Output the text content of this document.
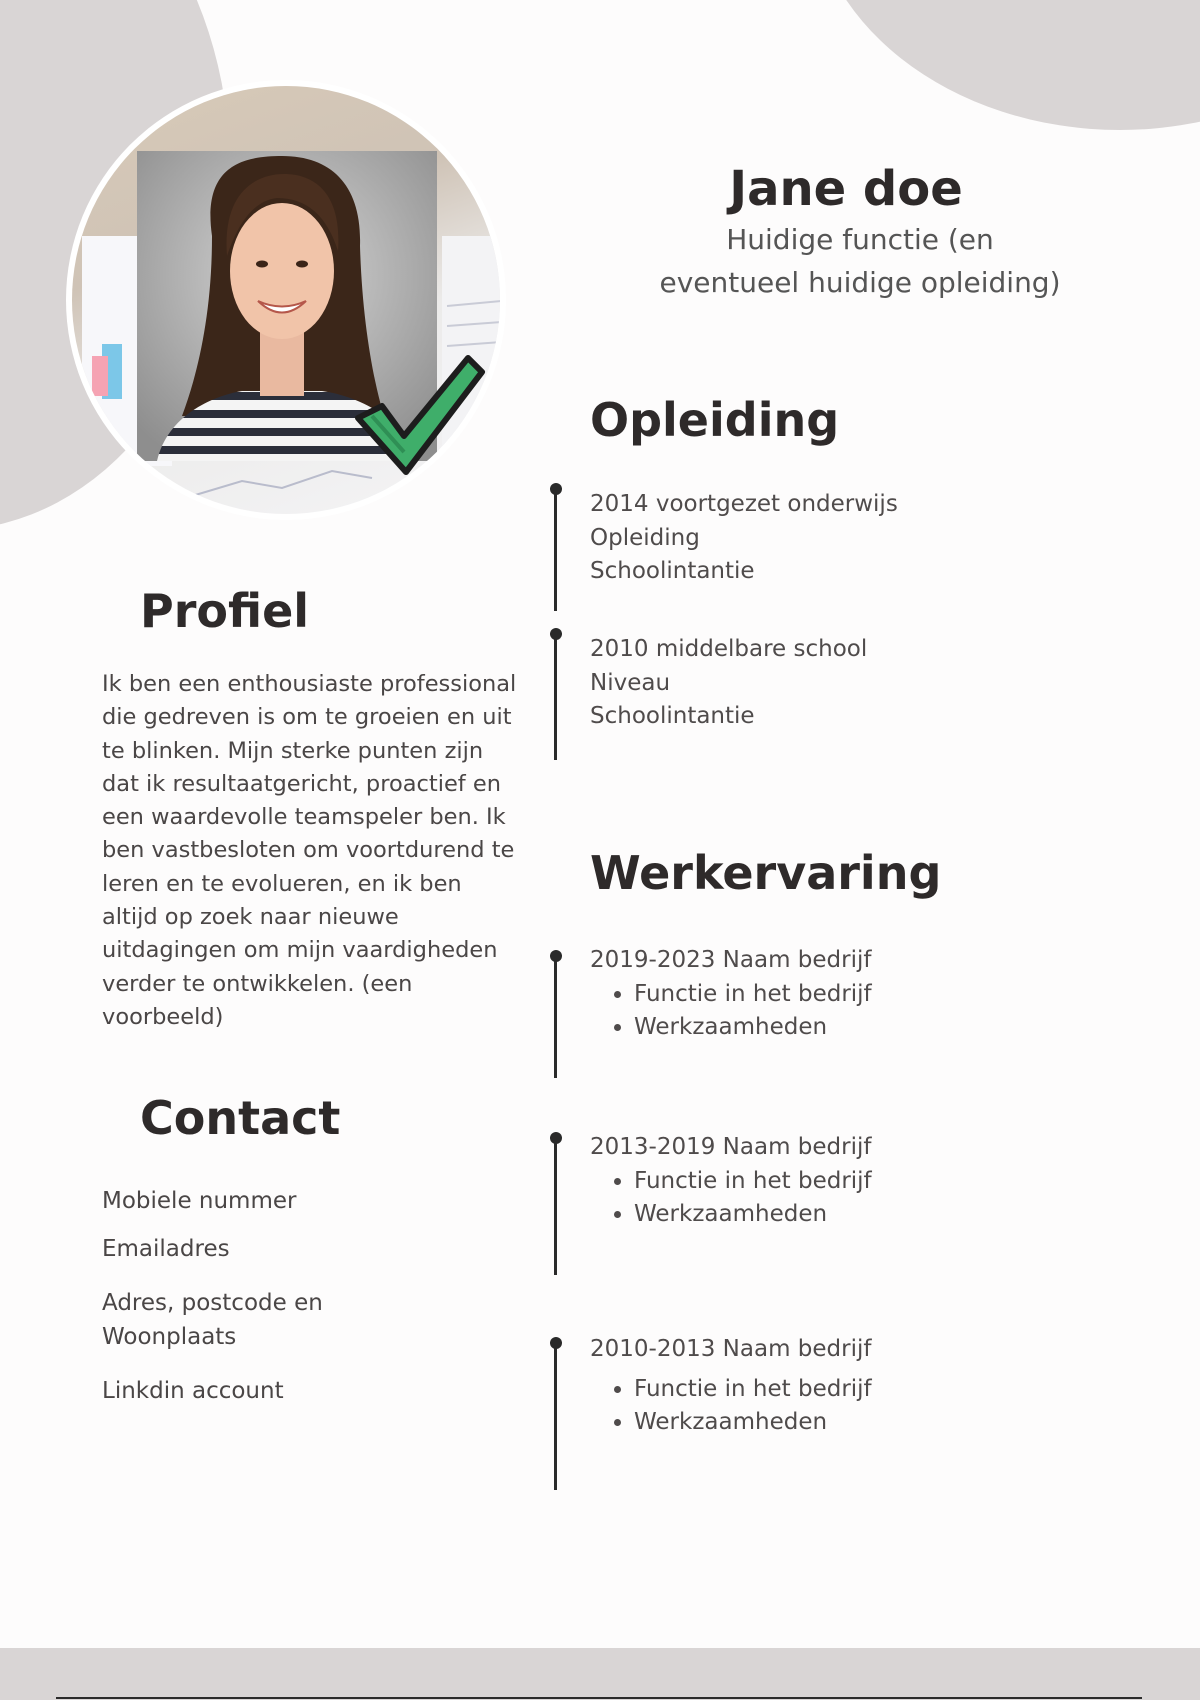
Jane doe
Huidige functie (en
eventueel huidige opleiding)
Profiel
Ik ben een enthousiaste professional die gedreven is om te groeien en uit te blinken. Mijn sterke punten zijn dat ik resultaatgericht, proactief en een waardevolle teamspeler ben. Ik ben vastbesloten om voortdurend te leren en te evolueren, en ik ben altijd op zoek naar nieuwe uitdagingen om mijn vaardigheden verder te ontwikkelen. (een voorbeeld)
Contact
Mobiele nummer
Emailadres
Adres, postcode en
Woonplaats
Linkdin account
Opleiding
2014 voortgezet onderwijs
Opleiding
Schoolintantie
2010 middelbare school
Niveau
Schoolintantie
Werkervaring
2019-2023 Naam bedrijf
• Functie in het bedrijf
• Werkzaamheden
2013-2019 Naam bedrijf
• Functie in het bedrijf
• Werkzaamheden
2010-2013 Naam bedrijf
• Functie in het bedrijf
• Werkzaamheden
